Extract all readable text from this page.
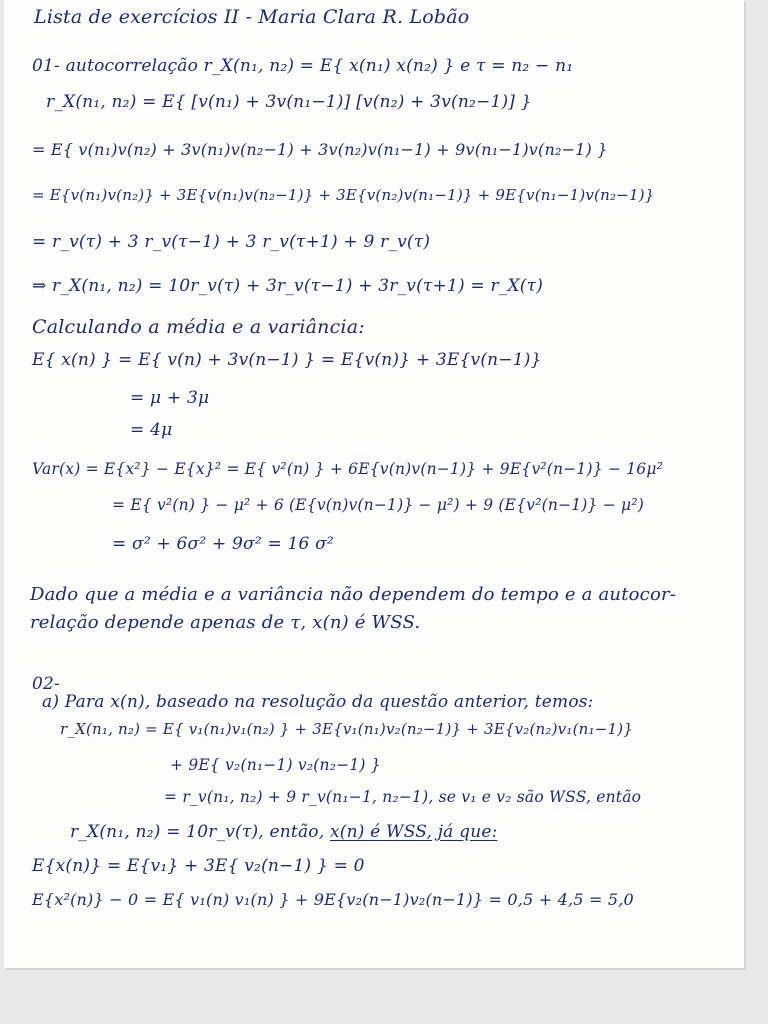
Lista de exercícios II - Maria Clara R. Lobão
01- autocorrelação r_X(n₁, n₂) = E{ x(n₁) x(n₂) } e τ = n₂ − n₁
r_X(n₁, n₂) = E{ [v(n₁) + 3v(n₁−1)] [v(n₂) + 3v(n₂−1)] }
= E{ v(n₁)v(n₂) + 3v(n₁)v(n₂−1) + 3v(n₂)v(n₁−1) + 9v(n₁−1)v(n₂−1) }
= E{v(n₁)v(n₂)} + 3E{v(n₁)v(n₂−1)} + 3E{v(n₂)v(n₁−1)} + 9E{v(n₁−1)v(n₂−1)}
= r_v(τ) + 3 r_v(τ−1) + 3 r_v(τ+1) + 9 r_v(τ)
⇒ r_X(n₁, n₂) = 10r_v(τ) + 3r_v(τ−1) + 3r_v(τ+1) = r_X(τ)
Calculando a média e a variância:
E{ x(n) } = E{ v(n) + 3v(n−1) } = E{v(n)} + 3E{v(n−1)}
= μ + 3μ
= 4μ
Var(x) = E{x²} − E{x}² = E{ v²(n) } + 6E{v(n)v(n−1)} + 9E{v²(n−1)} − 16μ²
= E{ v²(n) } − μ² + 6 (E{v(n)v(n−1)} − μ²) + 9 (E{v²(n−1)} − μ²)
= σ² + 6σ² + 9σ² = 16 σ²
Dado que a média e a variância não dependem do tempo e a autocor-
relação depende apenas de τ, x(n) é WSS.
02-
a) Para x(n), baseado na resolução da questão anterior, temos:
r_X(n₁, n₂) = E{ v₁(n₁)v₁(n₂) } + 3E{v₁(n₁)v₂(n₂−1)} + 3E{v₂(n₂)v₁(n₁−1)}
+ 9E{ v₂(n₁−1) v₂(n₂−1) }
= r_v(n₁, n₂) + 9 r_v(n₁−1, n₂−1), se v₁ e v₂ são WSS, então
r_X(n₁, n₂) = 10r_v(τ), então, x(n) é WSS, já que:
E{x(n)} = E{v₁} + 3E{ v₂(n−1) } = 0
E{x²(n)} − 0 = E{ v₁(n) v₁(n) } + 9E{v₂(n−1)v₂(n−1)} = 0,5 + 4,5 = 5,0
